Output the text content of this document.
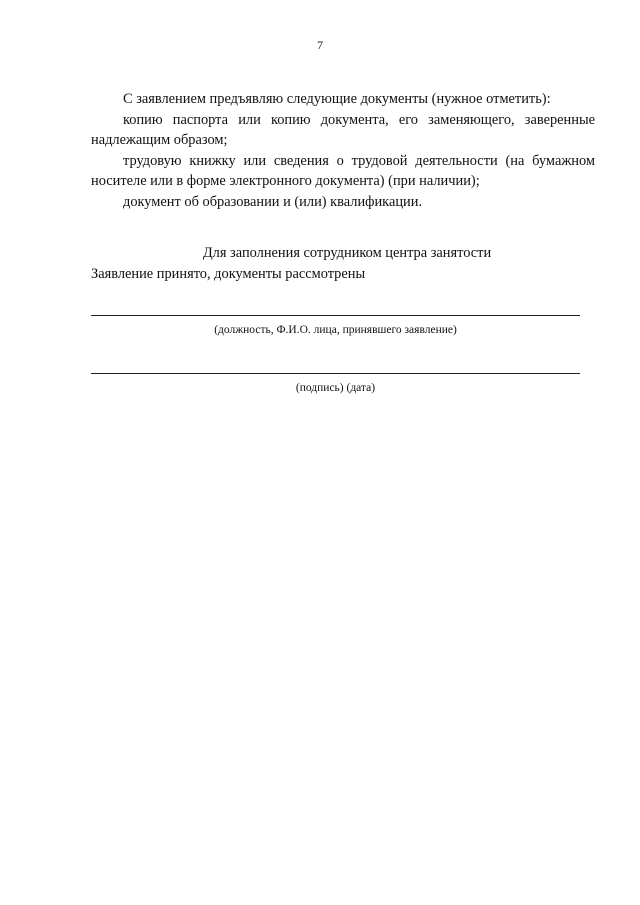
7

С заявлением предъявляю следующие документы (нужное отметить):

копию паспорта или копию документа, его заменяющего, заверенные надлежащим образом;

трудовую книжку или сведения о трудовой деятельности (на бумажном носителе или в форме электронного документа) (при наличии);

документ об образовании и (или) квалификации.

Для заполнения сотрудником центра занятости
Заявление принято, документы рассмотрены
(должность, Ф.И.О. лица, принявшего заявление)
(подпись) (дата)
